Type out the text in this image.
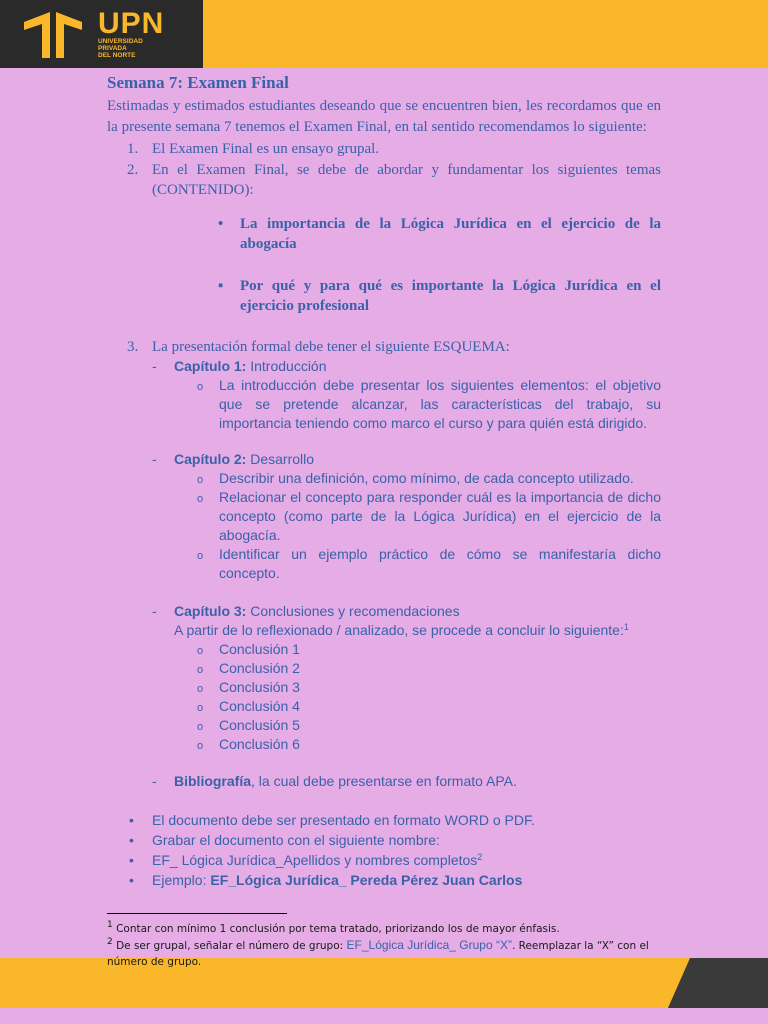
UPN
UNIVERSIDAD
PRIVADA
DEL NORTE
Semana 7: Examen Final

Estimadas y estimados estudiantes deseando que se encuentren bien, les recordamos que en la presente semana 7 tenemos el Examen Final, en tal sentido recomendamos lo siguiente:

1. El Examen Final es un ensayo grupal.
2. En el Examen Final, se debe de abordar y fundamentar los siguientes temas (CONTENIDO):
• La importancia de la Lógica Jurídica en el ejercicio de la abogacía
▪ Por qué y para qué es importante la Lógica Jurídica en el ejercicio profesional
3. La presentación formal debe tener el siguiente ESQUEMA:
- Capítulo 1: Introducción
o La introducción debe presentar los siguientes elementos: el objetivo que se pretende alcanzar, las características del trabajo, su importancia teniendo como marco el curso y para quién está dirigido.
- Capítulo 2: Desarrollo
o Describir una definición, como mínimo, de cada concepto utilizado.
o Relacionar el concepto para responder cuál es la importancia de dicho concepto (como parte de la Lógica Jurídica) en el ejercicio de la abogacía.
o Identificar un ejemplo práctico de cómo se manifestaría dicho concepto.
- Capítulo 3: Conclusiones y recomendaciones
A partir de lo reflexionado / analizado, se procede a concluir lo siguiente:$^1$
o Conclusión 1
o Conclusión 2
o Conclusión 3
o Conclusión 4
o Conclusión 5
o Conclusión 6
- Bibliografía, la cual debe presentarse en formato APA.
• El documento debe ser presentado en formato WORD o PDF.
• Grabar el documento con el siguiente nombre:
• EF_ Lógica Jurídica_Apellidos y nombres completos$^2$
• Ejemplo: EF_Lógica Jurídica_ Pereda Pérez Juan Carlos
$^1$ Contar con mínimo 1 conclusión por tema tratado, priorizando los de mayor énfasis.
$^2$ De ser grupal, señalar el número de grupo: EF_Lógica Jurídica_ Grupo “X”. Reemplazar la “X” con el número de grupo.
